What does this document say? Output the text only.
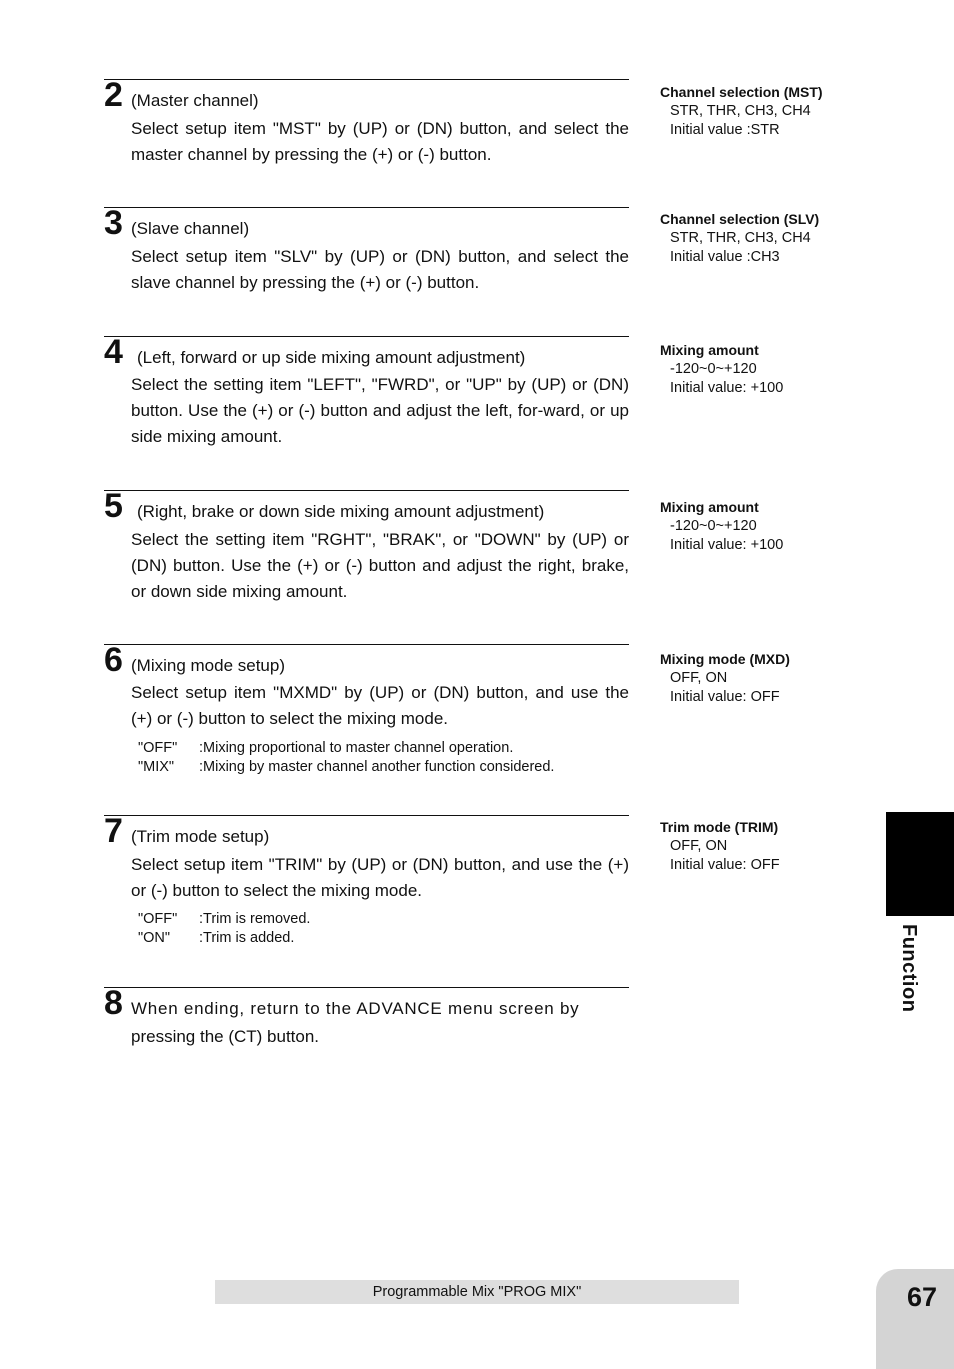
2 (Master channel)
Select setup item "MST" by (UP) or (DN) button, and select the master channel by pressing the (+) or (-) button.
3 (Slave channel)
Select setup item "SLV" by (UP) or (DN) button, and select the slave channel by pressing the (+) or (-) button.
4 (Left, forward or up side mixing amount adjustment)
Select the setting item "LEFT", "FWRD", or "UP" by (UP) or (DN) button. Use the (+) or (-) button and adjust the left, for-ward, or up side mixing amount.
5 (Right, brake or down side mixing amount adjustment)
Select the setting item "RGHT", "BRAK", or "DOWN" by (UP) or (DN) button. Use the (+) or (-) button and adjust the right, brake, or down side mixing amount.
6 (Mixing mode setup)
Select setup item "MXMD" by (UP) or (DN) button, and use the (+) or (-) button to select the mixing mode.
"OFF" :Mixing proportional to master channel operation.
"MIX" :Mixing by master channel another function considered.
7 (Trim mode setup)
Select setup item "TRIM" by (UP) or (DN) button, and use the (+) or (-) button to select the mixing mode.
"OFF" :Trim is removed.
"ON" :Trim is added.
8 When ending, return to the ADVANCE menu screen by
pressing the (CT) button.
Channel selection (MST)
STR, THR, CH3, CH4
Initial value :STR
Channel selection (SLV)
STR, THR, CH3, CH4
Initial value :CH3
Mixing amount
-120~0~+120
Initial value: +100
Mixing amount
-120~0~+120
Initial value: +100
Mixing mode (MXD)
OFF, ON
Initial value: OFF
Trim mode (TRIM)
OFF, ON
Initial value: OFF
Function
Programmable Mix "PROG MIX"	67
